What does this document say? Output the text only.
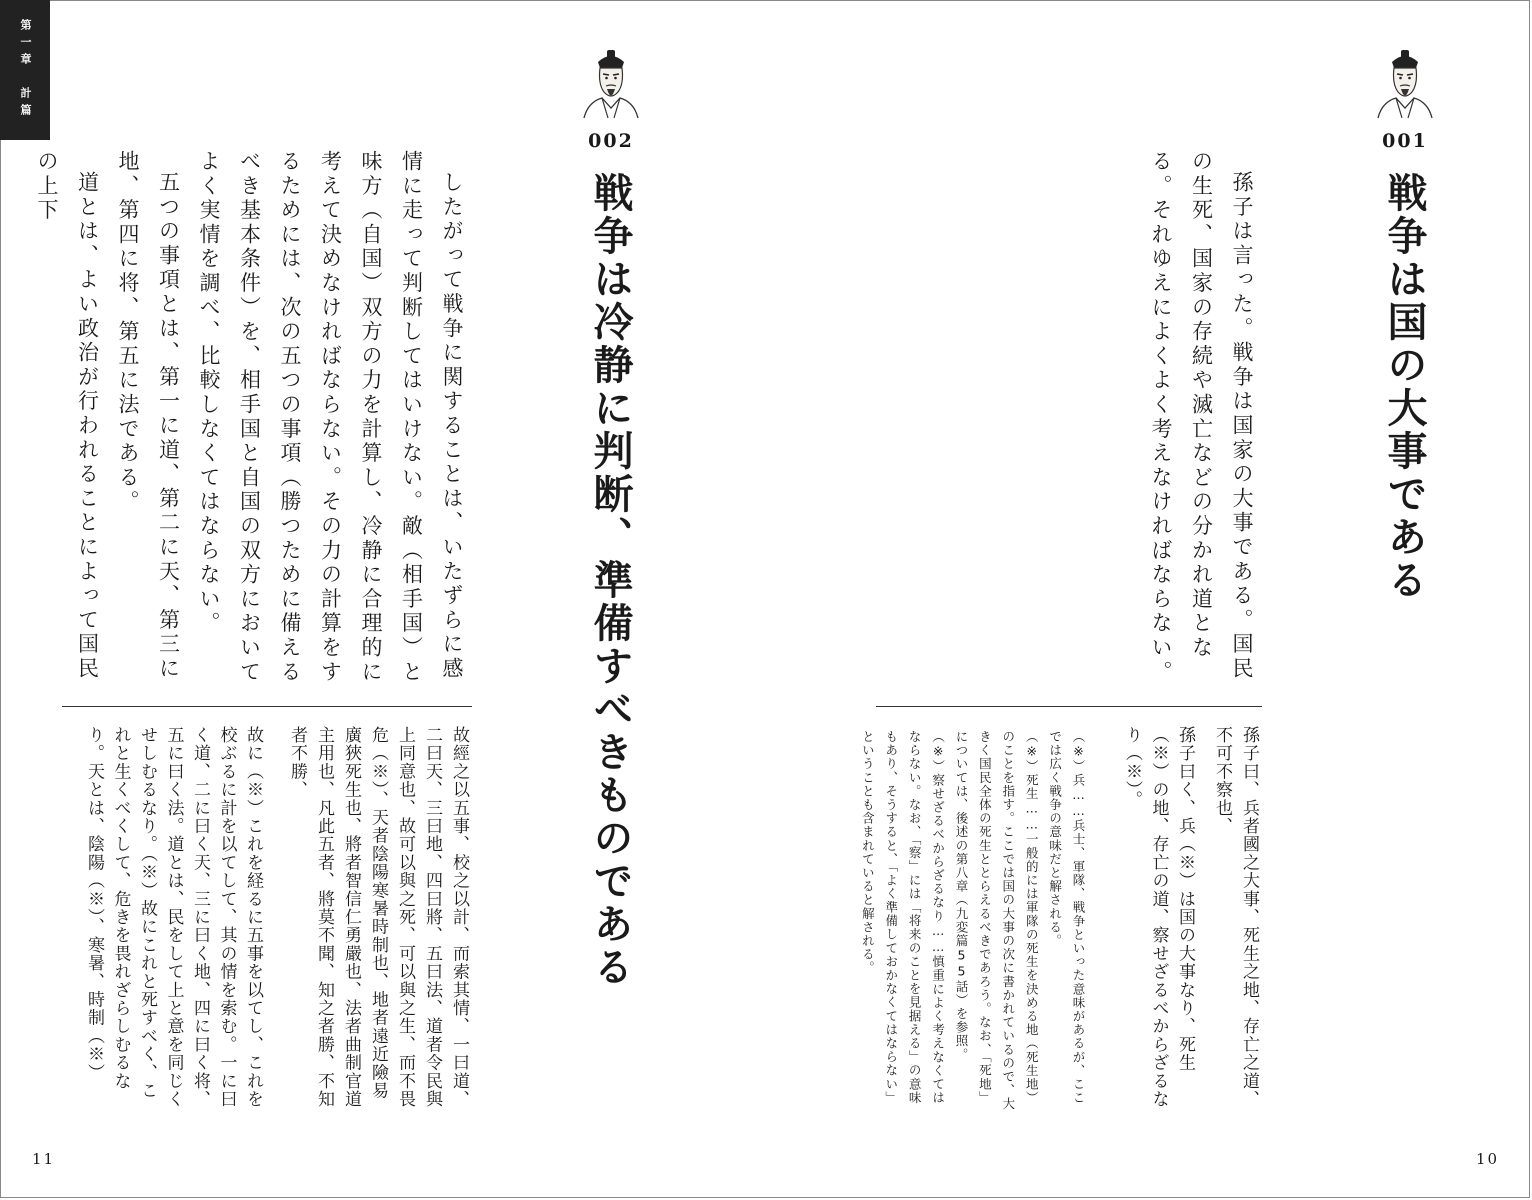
第一章　計篇
002
戦争は冷静に判断、準備すべきものである

したがって戦争に関することは、いたずらに感情に走って判断してはいけない。敵（相手国）と味方（自国）双方の力を計算し、冷静に合理的に考えて決めなければならない。その力の計算をするためには、次の五つの事項（勝つために備えるべき基本条件）を、相手国と自国の双方においてよく実情を調べ、比較しなくてはならない。

五つの事項とは、第一に道、第二に天、第三に地、第四に将、第五に法である。

道とは、よい政治が行われることによって国民の上下

故經之以五事、校之以計、而索其情、一曰道、二曰天、三曰地、四曰將、五曰法、道者令民與上同意也、故可以與之死、可以與之生、而不畏危（※）、天者陰陽寒暑時制也、地者遠近險易廣狹死生也、將者智信仁勇嚴也、法者曲制官道主用也、凡此五者、將莫不聞、知之者勝、不知者不勝、

故に（※）これを経るに五事を以てし、これを校ぶるに計を以てして、其の情を索む。一に曰く道、二に曰く天、三に曰く地、四に曰く将、五に曰く法。道とは、民をして上と意を同じくせしむるなり。（※）故にこれと死すべく、これと生くべくして、危きを畏れざらしむるなり。天とは、陰陽（※）、寒暑、時制（※）

11
001
戦争は国の大事である

孫子は言った。戦争は国家の大事である。国民の生死、国家の存続や滅亡などの分かれ道となる。それゆえによくよく考えなければならない。

孫子曰、兵者國之大事、死生之地、存亡之道、不可不察也、

孫子曰く、兵（※）は国の大事なり、死生（※）の地、存亡の道、察せざるべからざるなり（※）。

（※）兵……兵士、軍隊、戦争といった意味があるが、ここでは広く戦争の意味だと解される。

（※）死生……一般的には軍隊の死生を決める地（死生地）のことを指す。ここでは国の大事の次に書かれているので、大きく国民全体の死生ととらえるべきであろう。なお、「死地」については、後述の第八章（九変篇55話）を参照。

（※）察せざるべからざるなり……慎重によく考えなくてはならない。なお、「察」には「将来のことを見据える」の意味もあり、そうすると、「よく準備しておかなくてはならない」ということも含まれていると解される。

10
